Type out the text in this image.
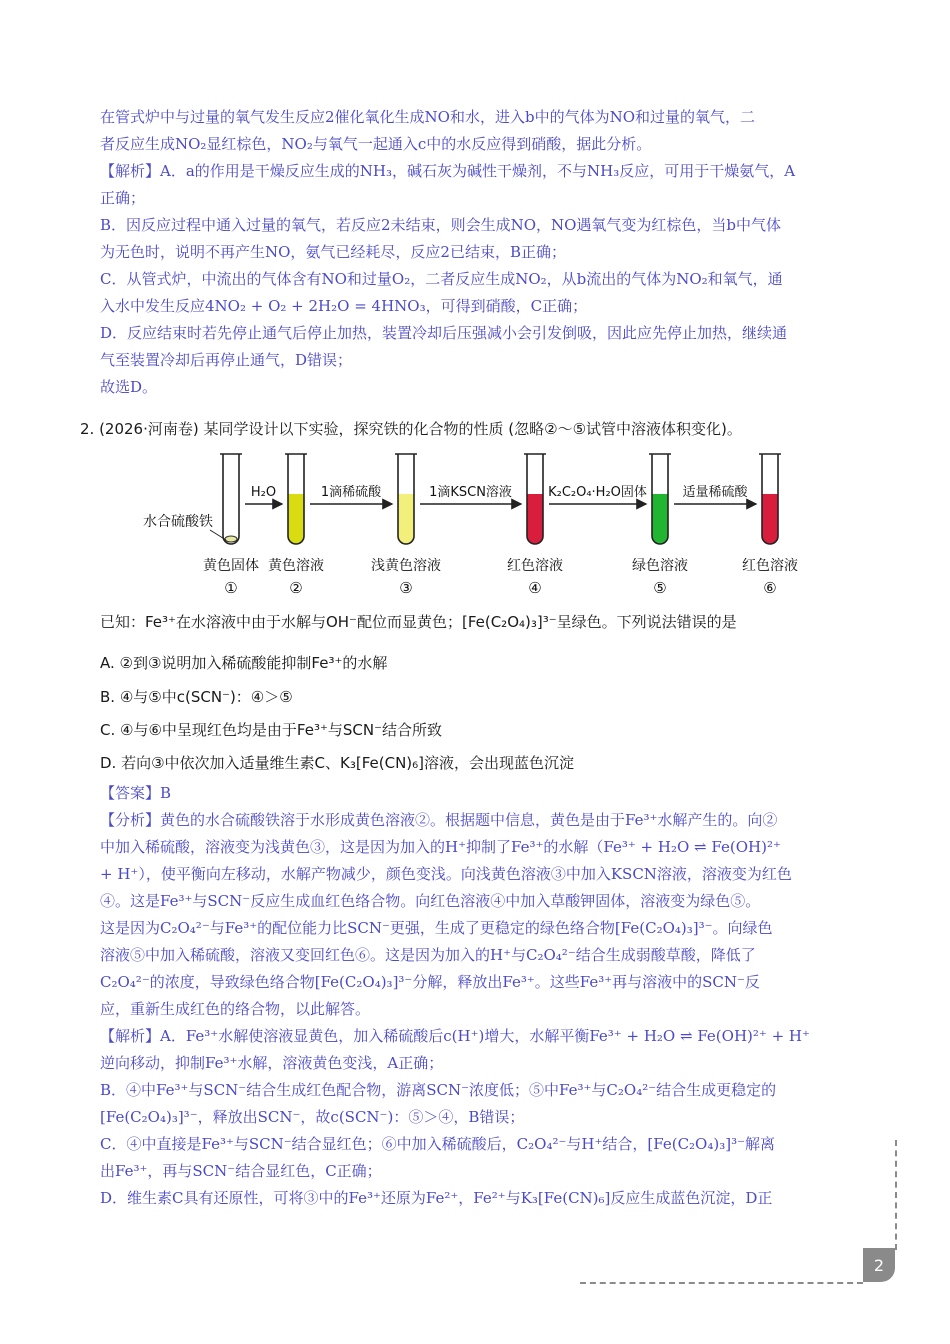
在管式炉中与过量的氧气发生反应2催化氧化生成NO和水，进入b中的气体为NO和过量的氧气，二

者反应生成NO₂显红棕色，NO₂与氧气一起通入c中的水反应得到硝酸，据此分析。

【解析】A．a的作用是干燥反应生成的NH₃，碱石灰为碱性干燥剂，不与NH₃反应，可用于干燥氨气，A

正确；

B．因反应过程中通入过量的氧气，若反应2未结束，则会生成NO，NO遇氧气变为红棕色，当b中气体

为无色时，说明不再产生NO，氨气已经耗尽，反应2已结束，B正确；

C．从管式炉，中流出的气体含有NO和过量O₂，二者反应生成NO₂，从b流出的气体为NO₂和氧气，通

入水中发生反应4NO₂ + O₂ + 2H₂O = 4HNO₃，可得到硝酸，C正确；

D．反应结束时若先停止通气后停止加热，装置冷却后压强减小会引发倒吸，因此应先停止加热，继续通

气至装置冷却后再停止通气，D错误；

故选D。

2. (2026·河南卷) 某同学设计以下实验，探究铁的化合物的性质 (忽略②～⑤试管中溶液体积变化)。
H₂O	1滴稀硫酸	1滴KSCN溶液	K₂C₂O₄·H₂O固体	适量稀硫酸
黄色固体
①
黄色溶液
②
浅黄色溶液
③
红色溶液
④
绿色溶液
⑤
红色溶液
⑥
水合硫酸铁
已知：Fe³⁺在水溶液中由于水解与OH⁻配位而显黄色；[Fe(C₂O₄)₃]³⁻呈绿色。下列说法错误的是
A. ②到③说明加入稀硫酸能抑制Fe³⁺的水解
B. ④与⑤中c(SCN⁻)：④＞⑤
C. ④与⑥中呈现红色均是由于Fe³⁺与SCN⁻结合所致
D. 若向③中依次加入适量维生素C、K₃[Fe(CN)₆]溶液，会出现蓝色沉淀

【答案】B

【分析】黄色的水合硫酸铁溶于水形成黄色溶液②。根据题中信息，黄色是由于Fe³⁺水解产生的。向②

中加入稀硫酸，溶液变为浅黄色③，这是因为加入的H⁺抑制了Fe³⁺的水解（Fe³⁺ + H₂O ⇌ Fe(OH)²⁺

+ H⁺），使平衡向左移动，水解产物减少，颜色变浅。向浅黄色溶液③中加入KSCN溶液，溶液变为红色

④。这是Fe³⁺与SCN⁻反应生成血红色络合物。向红色溶液④中加入草酸钾固体，溶液变为绿色⑤。

这是因为C₂O₄²⁻与Fe³⁺的配位能力比SCN⁻更强，生成了更稳定的绿色络合物[Fe(C₂O₄)₃]³⁻。向绿色

溶液⑤中加入稀硫酸，溶液又变回红色⑥。这是因为加入的H⁺与C₂O₄²⁻结合生成弱酸草酸，降低了

C₂O₄²⁻的浓度，导致绿色络合物[Fe(C₂O₄)₃]³⁻分解，释放出Fe³⁺。这些Fe³⁺再与溶液中的SCN⁻反

应，重新生成红色的络合物，以此解答。

【解析】A．Fe³⁺水解使溶液显黄色，加入稀硫酸后c(H⁺)增大，水解平衡Fe³⁺ + H₂O ⇌ Fe(OH)²⁺ + H⁺

逆向移动，抑制Fe³⁺水解，溶液黄色变浅，A正确；

B．④中Fe³⁺与SCN⁻结合生成红色配合物，游离SCN⁻浓度低；⑤中Fe³⁺与C₂O₄²⁻结合生成更稳定的

[Fe(C₂O₄)₃]³⁻，释放出SCN⁻，故c(SCN⁻)：⑤＞④，B错误；

C．④中直接是Fe³⁺与SCN⁻结合显红色；⑥中加入稀硫酸后，C₂O₄²⁻与H⁺结合，[Fe(C₂O₄)₃]³⁻解离

出Fe³⁺，再与SCN⁻结合显红色，C正确；

D．维生素C具有还原性，可将③中的Fe³⁺还原为Fe²⁺，Fe²⁺与K₃[Fe(CN)₆]反应生成蓝色沉淀，D正

2
